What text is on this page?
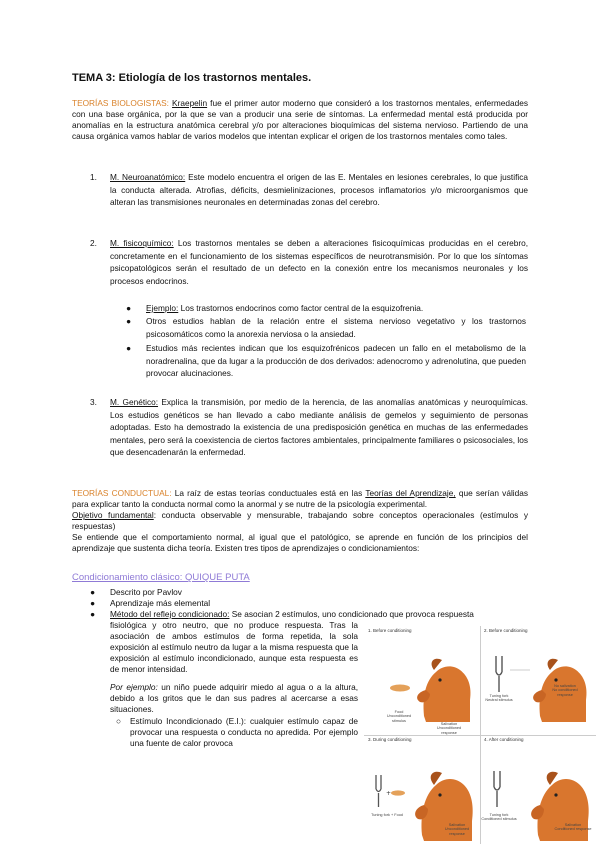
TEMA 3: Etiología de los trastornos mentales.

TEORÍAS BIOLOGISTAS: Kraepelin fue el primer autor moderno que consideró a los trastornos mentales, enfermedades con una base orgánica, por la que se van a producir una serie de síntomas. La enfermedad mental está producida por anomalías en la estructura anatómica cerebral y/o por alteraciones bioquímicas del sistema nervioso. Partiendo de una causa orgánica vamos hablar de varios modelos que intentan explicar el origen de los trastornos mentales como tales.

1. M. Neuroanatómico: Este modelo encuentra el origen de las E. Mentales en lesiones cerebrales, lo que justifica la conducta alterada. Atrofias, déficits, desmielinizaciones, procesos inflamatorios y/o microorganismos que alteran las transmisiones neuronales en determinadas zonas del cerebro.

2. M. fisicoquímico: Los trastornos mentales se deben a alteraciones fisicoquímicas producidas en el cerebro, concretamente en el funcionamiento de los sistemas específicos de neurotransmisión. Por lo que los síntomas psicopatológicos serán el resultado de un defecto en la conexión entre los mecanismos neuronales y los procesos endocrinos.

● Ejemplo: Los trastornos endocrinos como factor central de la esquizofrenia.

● Otros estudios hablan de la relación entre el sistema nervioso vegetativo y los trastornos psicosomáticos como la anorexia nerviosa o la ansiedad.

● Estudios más recientes indican que los esquizofrénicos padecen un fallo en el metabolismo de la noradrenalina, que da lugar a la producción de dos derivados: adenocromo y adrenolutina, que pueden provocar alucinaciones.

3. M. Genético: Explica la transmisión, por medio de la herencia, de las anomalías anatómicas y neuroquímicas. Los estudios genéticos se han llevado a cabo mediante análisis de gemelos y seguimiento de personas adoptadas. Esto ha demostrado la existencia de una predisposición genética en muchas de las enfermedades mentales, pero será la coexistencia de ciertos factores ambientales, principalmente familiares o psicosociales, los que desencadenarán la enfermedad.

TEORÍAS CONDUCTUAL: La raíz de estas teorías conductuales está en las Teorías del Aprendizaje, que serían válidas para explicar tanto la conducta normal como la anormal y se nutre de la psicología experimental.
Objetivo fundamental: conducta observable y mensurable, trabajando sobre conceptos operacionales (estímulos y respuestas)
Se entiende que el comportamiento normal, al igual que el patológico, se aprende en función de los principios del aprendizaje que sustenta dicha teoría. Existen tres tipos de aprendizajes o condicionamientos:

Condicionamiento clásico: QUIQUE PUTA
● Descrito por Pavlov
● Aprendizaje más elemental
● Método del reflejo condicionado: Se asocian 2 estímulos, uno condicionado que provoca respuesta

fisiológica y otro neutro, que no produce respuesta. Tras la asociación de ambos estímulos de forma repetida, la sola exposición al estímulo neutro da lugar a la misma respuesta que la exposición al estímulo incondicionado, aunque esta respuesta es de menor intensidad.

Por ejemplo: un niño puede adquirir miedo al agua o a la altura, debido a los gritos que le dan sus padres al acercarse a esas situaciones.

○ Estímulo Incondicionado (E.I.): cualquier estímulo capaz de provocar una respuesta o conducta no apredida. Por ejemplo una fuente de calor provoca

1. Before conditioning
Food
Unconditioned stimulus
Salivation
Unconditioned response
2. Before conditioning
Tuning fork
Neutral stimulus
No salivation
No conditioned response
3. During conditioning
+
Tuning fork + Food
Salivation
Unconditioned response
4. After conditioning
Tuning fork
Conditioned stimulus
Salivation
Conditioned response
